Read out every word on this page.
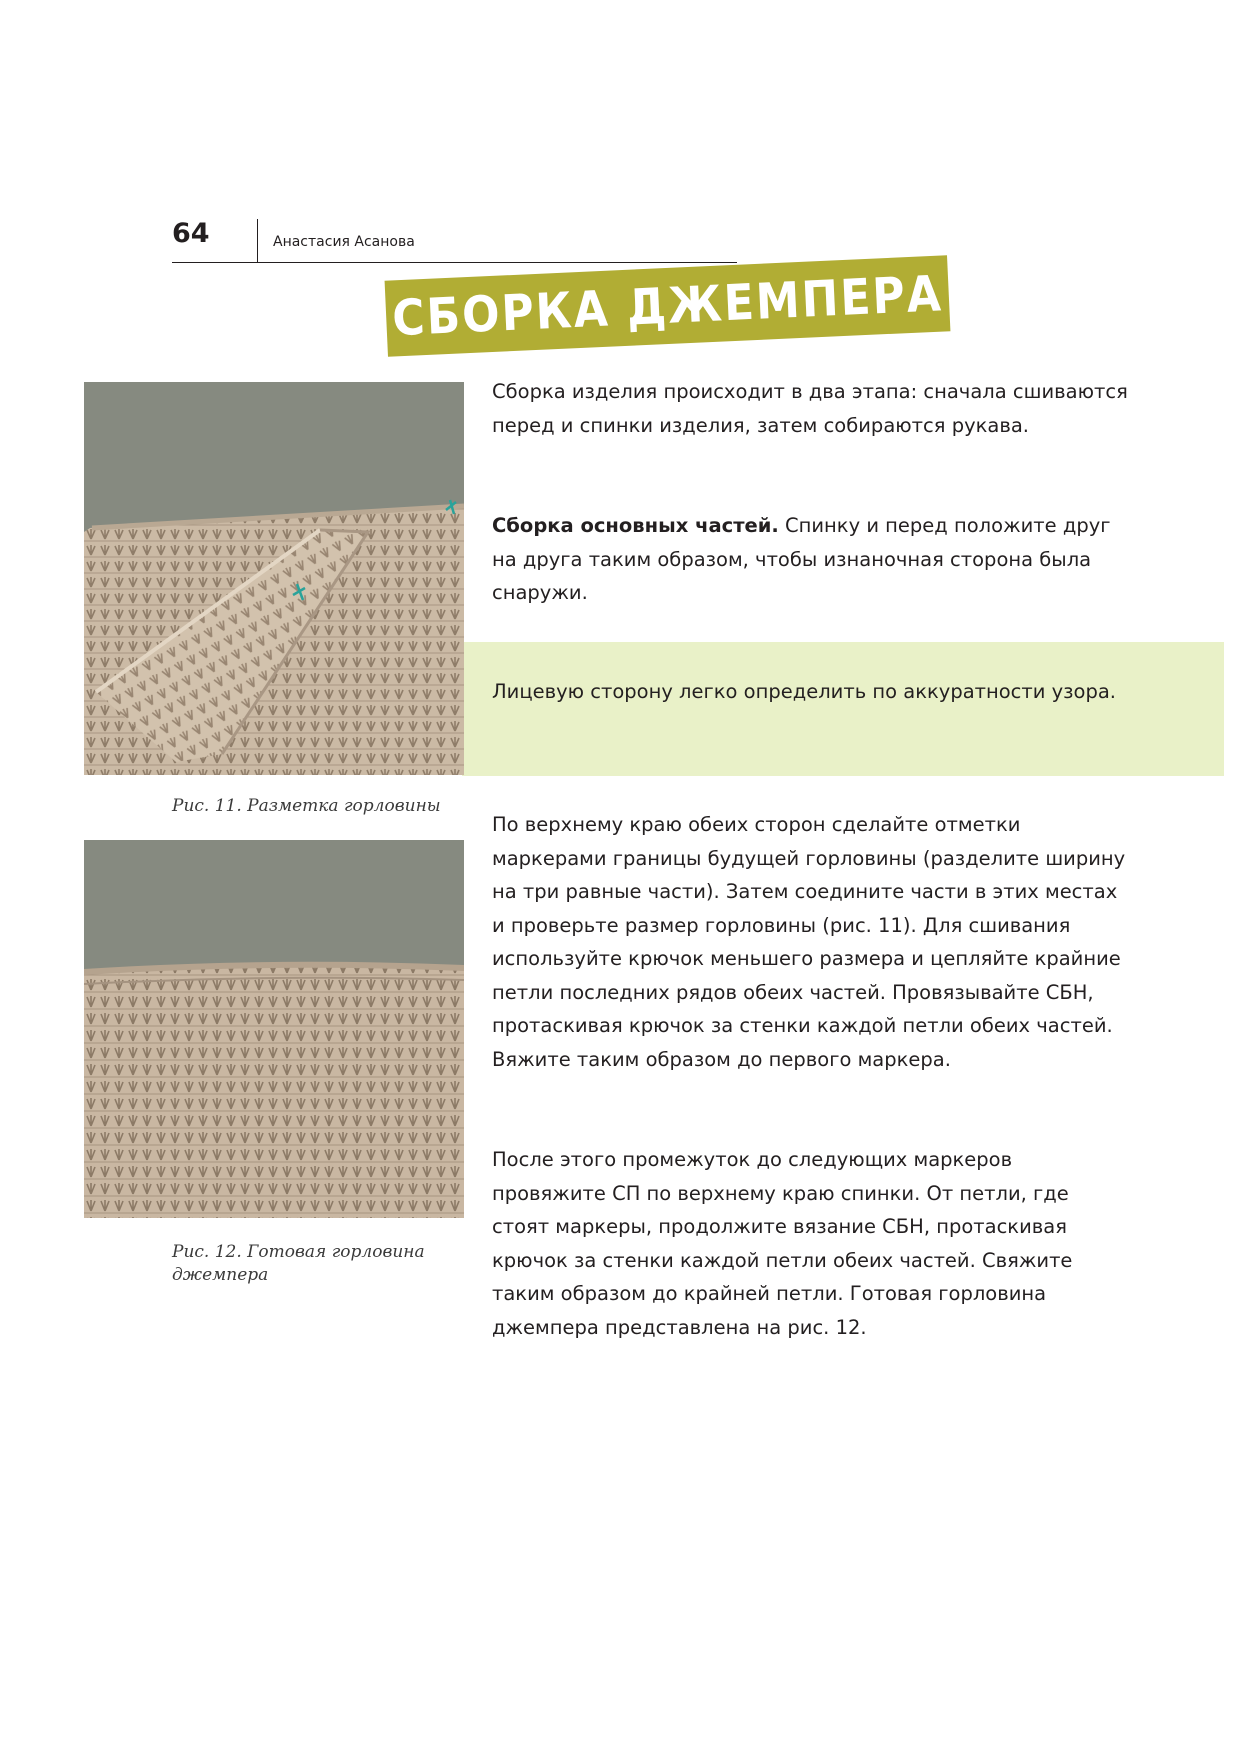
64	Анастасия Асанова
СБОРКА ДЖЕМПЕРА
Рис. 11. Разметка горловины
Рис. 12. Готовая горловина джемпера
Сборка изделия происходит в два этапа: сначала сшиваются перед и спинки изделия, затем собираются рукава.
Сборка основных частей. Спинку и перед положите друг на друга таким образом, чтобы изнаночная сторона была снаружи.
Лицевую сторону легко определить по аккуратности узора.
По верхнему краю обеих сторон сделайте отметки маркерами границы будущей горловины (разделите ширину на три равные части). Затем соедините части в этих местах и проверьте размер горловины (рис. 11). Для сшивания используйте крючок меньшего размера и цепляйте крайние петли последних рядов обеих частей. Провязывайте СБН, протаскивая крючок за стенки каждой петли обеих частей. Вяжите таким образом до первого маркера.
После этого промежуток до следующих маркеров провяжите СП по верхнему краю спинки. От петли, где стоят маркеры, продолжите вязание СБН, протаскивая крючок за стенки каждой петли обеих частей. Свяжите таким образом до крайней петли. Готовая горловина джемпера представлена на рис. 12.
